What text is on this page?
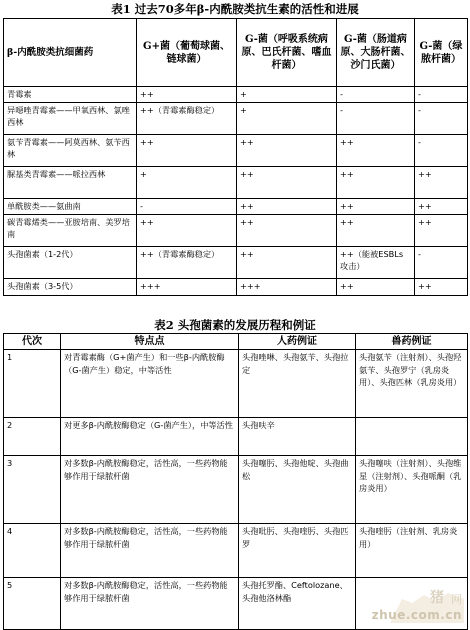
表1 过去70多年β-内酰胺类抗生素的活性和进展
β-内酰胺类抗细菌药	G+菌（葡萄球菌、链球菌）	G-菌（呼吸系统病原、巴氏杆菌、嗜血杆菌）	G-菌（肠道病原、大肠杆菌、沙门氏菌）	G-菌（绿脓杆菌）
青霉素	++	+	-	-
异噁唑青霉素——甲氧西林、氯唑西林	++（青霉素酶稳定）	+	-	-
氨苄青霉素——阿莫西林、氨苄西林	++	++	++	-
脲基类青霉素——哌拉西林	+	++	++	++
单酰胺类——氨曲南	-	++	++	++
碳青霉烯类——亚胺培南、美罗培南	++	++	++	++
头孢菌素（1-2代）	++（青霉素酶稳定）	++	++（能被ESBLs攻击）	-
头孢菌素（3-5代）	+++	+++	++	++
表2 头孢菌素的发展历程和例证
代次	特点点	人药例证	兽药例证
1	对青霉素酶（G+菌产生）和一些β-内酰胺酶（G-菌产生）稳定，中等活性	头孢唑啉、头孢氨苄、头孢拉定	头孢氨苄（注射剂）、头孢羟氨苄、头孢罗宁（乳房炎用）、头孢匹林（乳房炎用）
2	对更多β-内酰胺酶稳定（G-菌产生），中等活性	头孢呋辛	
3	对多数β-内酰胺酶稳定，活性高，一些药物能够作用于绿脓杆菌	头孢噻肟、头孢他啶、头孢曲松	头孢噻呋（注射剂）、头孢维星（注射剂）、头孢哌酮（乳房炎用）
4	对多数β-内酰胺酶稳定，活性高，一些药物能够作用于绿脓杆菌	头孢吡肟、头孢喹肟、头孢匹罗	头孢喹肟（注射剂、乳房炎用）
5	对多数β-内酰胺酶稳定，活性高，一些药物能够作用于绿脓杆菌	头孢托罗酯、Ceftolozane、头孢他洛林酯		猪 网
zhue.com.cn
